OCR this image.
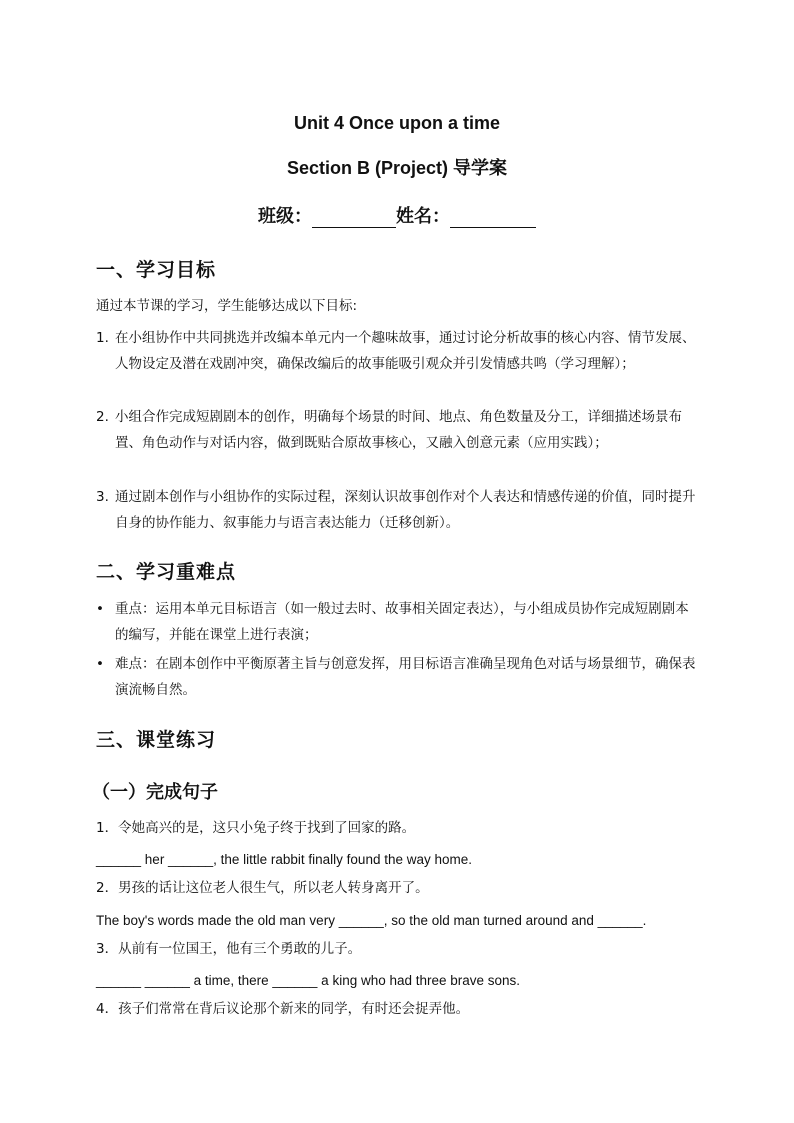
Unit 4 Once upon a time
Section B (Project) 导学案
班级：	姓名：
一、学习目标
通过本节课的学习，学生能够达成以下目标:
1. 在小组协作中共同挑选并改编本单元内一个趣味故事，通过讨论分析故事的核心内容、情节发展、人物设定及潜在戏剧冲突，确保改编后的故事能吸引观众并引发情感共鸣（学习理解）；
2. 小组合作完成短剧剧本的创作，明确每个场景的时间、地点、角色数量及分工，详细描述场景布置、角色动作与对话内容，做到既贴合原故事核心，又融入创意元素（应用实践）；
3. 通过剧本创作与小组协作的实际过程，深刻认识故事创作对个人表达和情感传递的价值，同时提升自身的协作能力、叙事能力与语言表达能力（迁移创新）。
二、学习重难点
• 重点：运用本单元目标语言（如一般过去时、故事相关固定表达），与小组成员协作完成短剧剧本的编写，并能在课堂上进行表演；
• 难点：在剧本创作中平衡原著主旨与创意发挥，用目标语言准确呈现角色对话与场景细节，确保表演流畅自然。
三、课堂练习
（一）完成句子
1．令她高兴的是，这只小兔子终于找到了回家的路。
______ her ______, the little rabbit finally found the way home.
2．男孩的话让这位老人很生气，所以老人转身离开了。
The boy's words made the old man very ______, so the old man turned around and ______.
3．从前有一位国王，他有三个勇敢的儿子。
______ ______ a time, there ______ a king who had three brave sons.
4．孩子们常常在背后议论那个新来的同学，有时还会捉弄他。
